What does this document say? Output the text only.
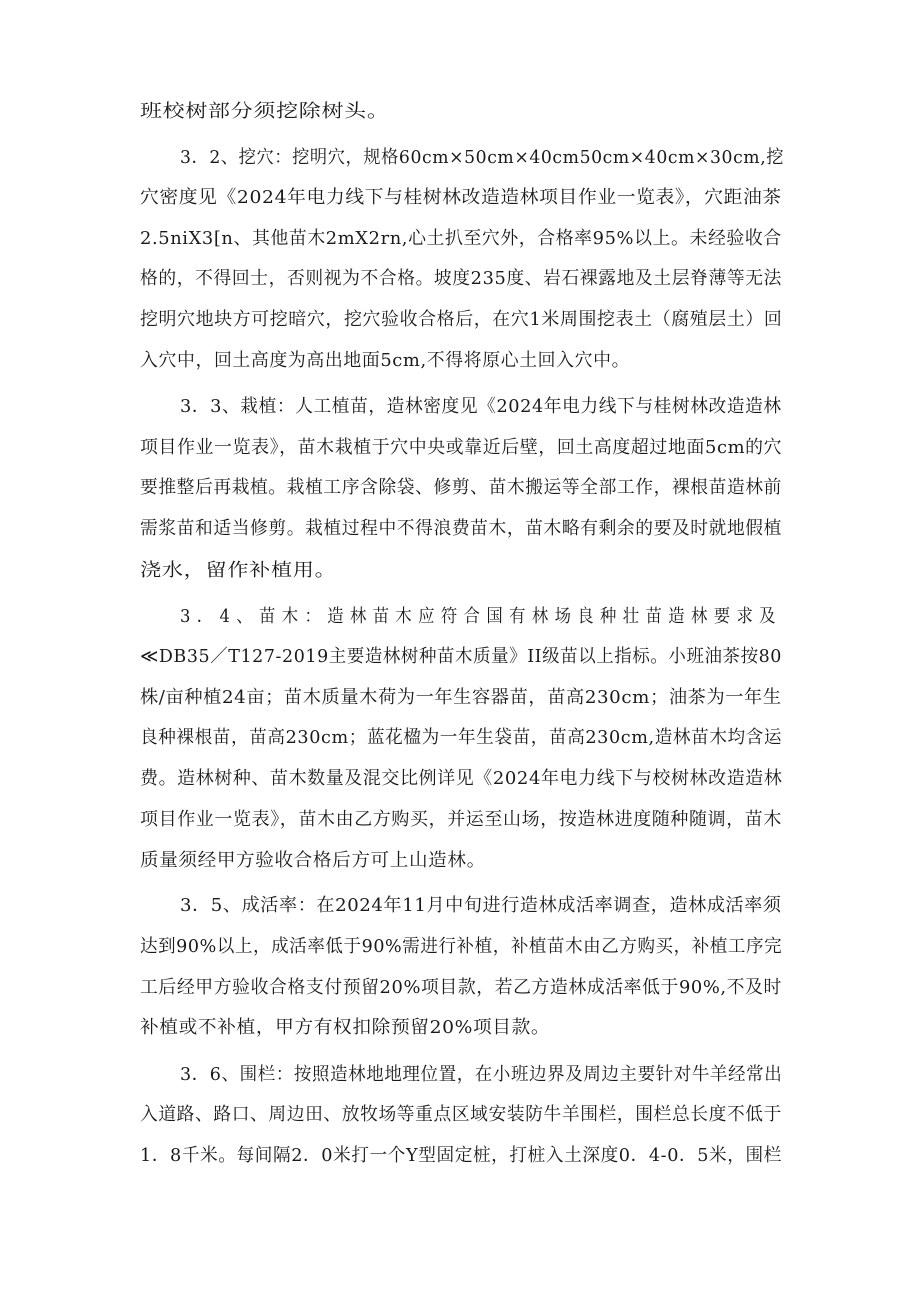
班校树部分须挖除树头。
3．2、挖穴：挖明穴，规格60cm×50cm×40cm50cm×40cm×30cm,挖
穴密度见《2024年电力线下与桂树林改造造林项目作业一览表》，穴距油茶
2.5niX3[n、其他苗木2mX2rn,心土扒至穴外，合格率95%以上。未经验收合
格的，不得回士，否则视为不合格。坡度235度、岩石裸露地及土层脊薄等无法
挖明穴地块方可挖暗穴，挖穴验收合格后，在穴1米周围挖表土（腐殖层土）回
入穴中，回土高度为高出地面5cm,不得将原心土回入穴中。
3．3、栽植：人工植苗，造林密度见《2024年电力线下与桂树林改造造林
项目作业一览表》，苗木栽植于穴中央或靠近后壁，回土高度超过地面5cm的穴
要推整后再栽植。栽植工序含除袋、修剪、苗木搬运等全部工作，裸根苗造林前
需浆苗和适当修剪。栽植过程中不得浪费苗木，苗木略有剩余的要及时就地假植
浇水，留作补植用。
3．4、苗木：造林苗木应符合国有林场良种壮苗造林要求及
≪DB35／T127-2019主要造林树种苗木质量》II级苗以上指标。小班油茶按80
株/亩种植24亩；苗木质量木荷为一年生容器苗，苗高230cm；油茶为一年生
良种裸根苗，苗高230cm；蓝花楹为一年生袋苗，苗高230cm,造林苗木均含运
费。造林树种、苗木数量及混交比例详见《2024年电力线下与校树林改造造林
项目作业一览表》，苗木由乙方购买，并运至山场，按造林进度随种随调，苗木
质量须经甲方验收合格后方可上山造林。
3．5、成活率：在2024年11月中旬进行造林成活率调查，造林成活率须
达到90%以上，成活率低于90%需进行补植，补植苗木由乙方购买，补植工序完
工后经甲方验收合格支付预留20%项目款，若乙方造林成活率低于90%,不及时
补植或不补植，甲方有权扣除预留20%项目款。
3．6、围栏：按照造林地地理位置，在小班边界及周边主要针对牛羊经常出
入道路、路口、周边田、放牧场等重点区域安装防牛羊围栏，围栏总长度不低于
1．8千米。每间隔2．0米打一个Y型固定桩，打桩入土深度0．4-0．5米，围栏
